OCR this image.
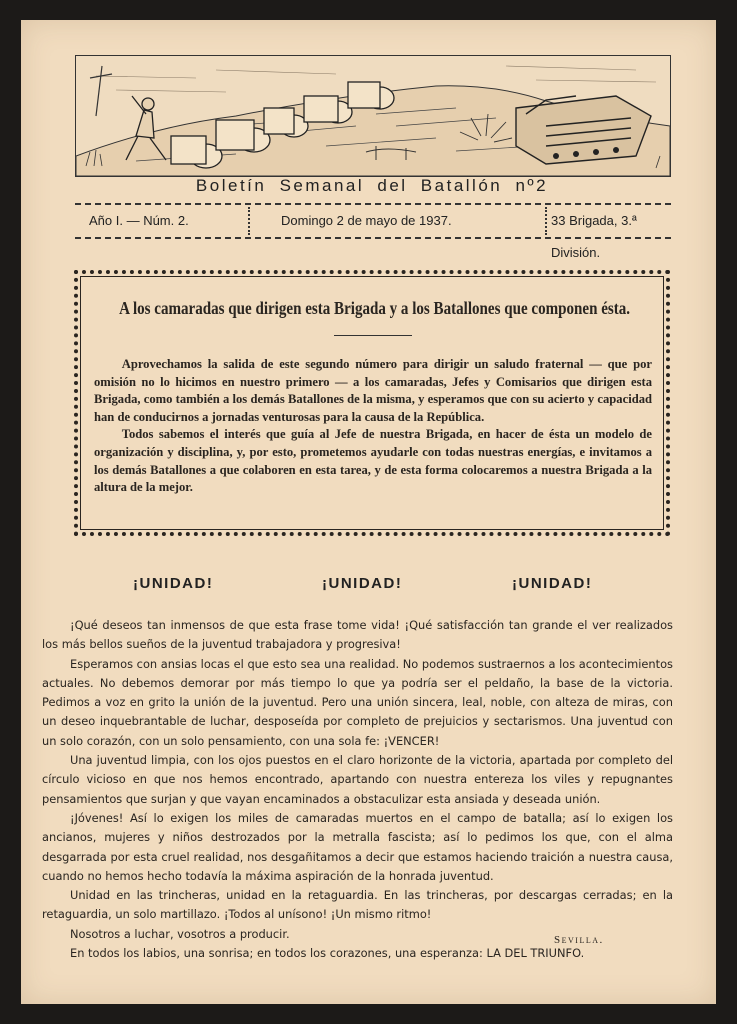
Boletín Semanal del Batallón nº2
Año I. — Núm. 2.	Domingo 2 de mayo de 1937.	33 Brigada, 3.ª División.
A los camaradas que dirigen esta Brigada y a los Batallones que componen ésta.

Aprovechamos la salida de este segundo número para dirigir un saludo fraternal — que por omisión no lo hicimos en nuestro primero — a los camaradas, Jefes y Comisarios que dirigen esta Brigada, como también a los demás Batallones de la misma, y esperamos que con su acierto y capacidad han de conducirnos a jornadas venturosas para la causa de la República.

Todos sabemos el interés que guía al Jefe de nuestra Brigada, en hacer de ésta un modelo de organización y disciplina, y, por esto, prometemos ayudarle con todas nuestras energías, e invitamos a los demás Batallones a que colaboren en esta tarea, y de esta forma colocaremos a nuestra Brigada a la altura de la mejor.

¡UNIDAD!	¡UNIDAD!	¡UNIDAD!

¡Qué deseos tan inmensos de que esta frase tome vida! ¡Qué satisfacción tan grande el ver realizados los más bellos sueños de la juventud trabajadora y progresiva!

Esperamos con ansias locas el que esto sea una realidad. No podemos sustraernos a los acontecimientos actuales. No debemos demorar por más tiempo lo que ya podría ser el peldaño, la base de la victoria. Pedimos a voz en grito la unión de la juventud. Pero una unión sincera, leal, noble, con alteza de miras, con un deseo inquebrantable de luchar, desposeída por completo de prejuicios y sectarismos. Una juventud con un solo corazón, con un solo pensamiento, con una sola fe: ¡VENCER!

Una juventud limpia, con los ojos puestos en el claro horizonte de la victoria, apartada por completo del círculo vicioso en que nos hemos encontrado, apartando con nuestra entereza los viles y repugnantes pensamientos que surjan y que vayan encaminados a obstaculizar esta ansiada y deseada unión.

¡Jóvenes! Así lo exigen los miles de camaradas muertos en el campo de batalla; así lo exigen los ancianos, mujeres y niños destrozados por la metralla fascista; así lo pedimos los que, con el alma desgarrada por esta cruel realidad, nos desgañitamos a decir que estamos haciendo traición a nuestra causa, cuando no hemos hecho todavía la máxima aspiración de la honrada juventud.

Unidad en las trincheras, unidad en la retaguardia. En las trincheras, por descargas cerradas; en la retaguardia, un solo martillazo. ¡Todos al unísono! ¡Un mismo ritmo!

Nosotros a luchar, vosotros a producir.

En todos los labios, una sonrisa; en todos los corazones, una esperanza: LA DEL TRIUNFO.

Sevilla.
